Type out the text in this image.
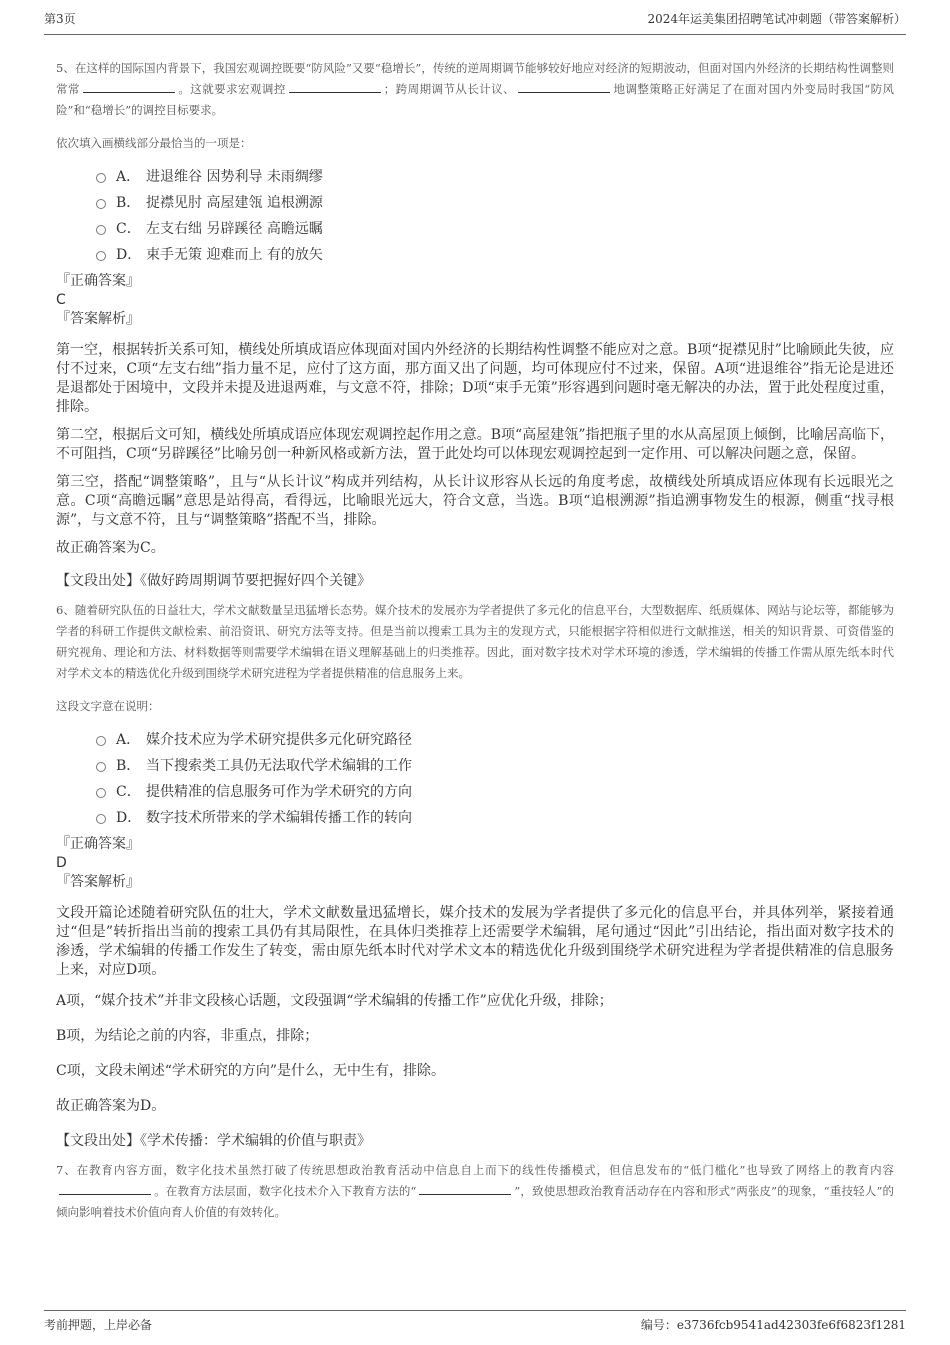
第3页	2024年运美集团招聘笔试冲刺题（带答案解析）

5、在这样的国际国内背景下，我国宏观调控既要“防风险”又要“稳增长”，传统的逆周期调节能够较好地应对经济的短期波动，但面对国内外经济的长期结构性调整则常常	。这就要求宏观调控	；跨周期调节从长计议、	地调整策略正好满足了在面对国内外变局时我国“防风险”和“稳增长”的调控目标要求。

依次填入画横线部分最恰当的一项是：

A． 进退维谷 因势利导 未雨绸缪
B． 捉襟见肘 高屋建瓴 追根溯源
C． 左支右绌 另辟蹊径 高瞻远瞩
D． 束手无策 迎难而上 有的放矢

『正确答案』

C

『答案解析』

第一空，根据转折关系可知，横线处所填成语应体现面对国内外经济的长期结构性调整不能应对之意。B项“捉襟见肘”比喻顾此失彼，应付不过来，C项“左支右绌”指力量不足，应付了这方面，那方面又出了问题，均可体现应付不过来，保留。A项“进退维谷”指无论是进还是退都处于困境中，文段并未提及进退两难，与文意不符，排除；D项“束手无策”形容遇到问题时毫无解决的办法，置于此处程度过重，排除。

第二空，根据后文可知，横线处所填成语应体现宏观调控起作用之意。B项“高屋建瓴”指把瓶子里的水从高屋顶上倾倒，比喻居高临下，不可阻挡，C项“另辟蹊径”比喻另创一种新风格或新方法，置于此处均可以体现宏观调控起到一定作用、可以解决问题之意，保留。

第三空，搭配“调整策略”，且与“从长计议”构成并列结构，从长计议形容从长远的角度考虑，故横线处所填成语应体现有长远眼光之意。C项“高瞻远瞩”意思是站得高，看得远，比喻眼光远大，符合文意，当选。B项“追根溯源”指追溯事物发生的根源，侧重“找寻根源”，与文意不符，且与“调整策略”搭配不当，排除。

故正确答案为C。

【文段出处】《做好跨周期调节要把握好四个关键》

6、随着研究队伍的日益壮大，学术文献数量呈迅猛增长态势。媒介技术的发展亦为学者提供了多元化的信息平台，大型数据库、纸质媒体、网站与论坛等，都能够为学者的科研工作提供文献检索、前沿资讯、研究方法等支持。但是当前以搜索工具为主的发现方式，只能根据字符相似进行文献推送，相关的知识背景、可资借鉴的研究视角、理论和方法、材料数据等则需要学术编辑在语义理解基础上的归类推荐。因此，面对数字技术对学术环境的渗透，学术编辑的传播工作需从原先纸本时代对学术文本的精选优化升级到围绕学术研究进程为学者提供精准的信息服务上来。

这段文字意在说明：

A． 媒介技术应为学术研究提供多元化研究路径
B． 当下搜索类工具仍无法取代学术编辑的工作
C． 提供精准的信息服务可作为学术研究的方向
D． 数字技术所带来的学术编辑传播工作的转向

『正确答案』

D

『答案解析』

文段开篇论述随着研究队伍的壮大，学术文献数量迅猛增长，媒介技术的发展为学者提供了多元化的信息平台，并具体列举，紧接着通过“但是”转折指出当前的搜索工具仍有其局限性，在具体归类推荐上还需要学术编辑，尾句通过“因此”引出结论，指出面对数字技术的渗透，学术编辑的传播工作发生了转变，需由原先纸本时代对学术文本的精选优化升级到围绕学术研究进程为学者提供精准的信息服务上来，对应D项。

A项，“媒介技术”并非文段核心话题，文段强调“学术编辑的传播工作”应优化升级，排除；

B项，为结论之前的内容，非重点，排除；

C项，文段未阐述“学术研究的方向”是什么，无中生有，排除。

故正确答案为D。

【文段出处】《学术传播：学术编辑的价值与职责》

7、在教育内容方面，数字化技术虽然打破了传统思想政治教育活动中信息自上而下的线性传播模式，但信息发布的“低门槛化”也导致了网络上的教育内容。在教育方法层面，数字化技术介入下教育方法的“	”，致使思想政治教育活动存在内容和形式“两张皮”的现象，“重技轻人”的倾向影响着技术价值向育人价值的有效转化。

考前押题，上岸必备	编号：e3736fcb9541ad42303fe6f6823f1281
